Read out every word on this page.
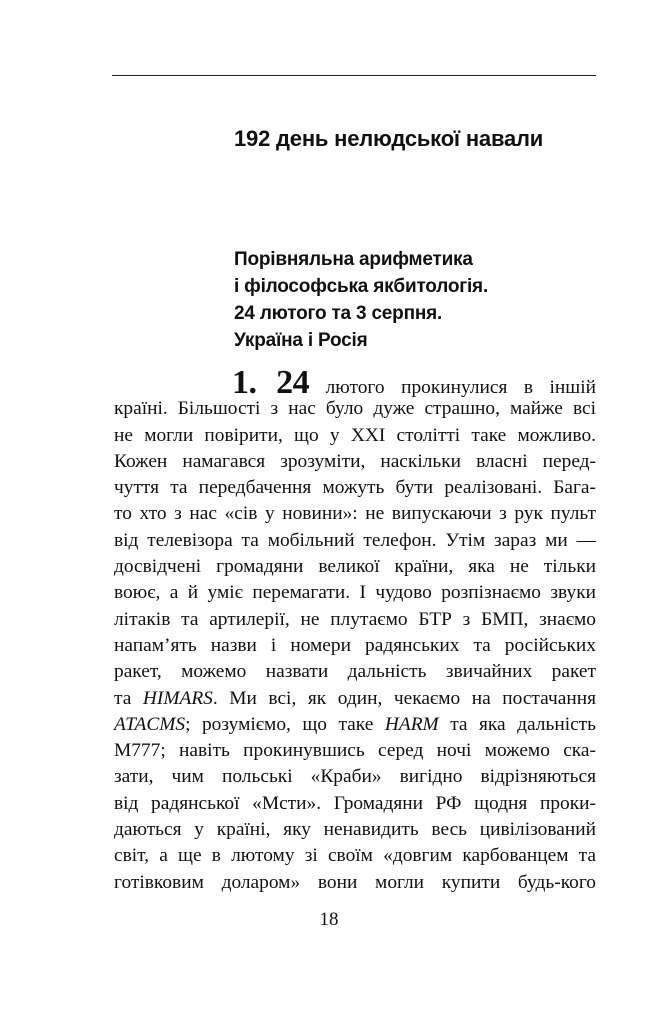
192 день нелюдської навали
Порівняльна арифметика
і філософська якбитологія.
24 лютого та 3 серпня.
Україна і Росія
1. 24 лютого прокинулися в іншій
країні. Більшості з нас було дуже страшно, майже всі
не могли повірити, що у XXI столітті таке можливо.
Кожен намагався зрозуміти, наскільки власні перед-
чуття та передбачення можуть бути реалізовані. Бага-
то хто з нас «сів у новини»: не випускаючи з рук пульт
від телевізора та мобільний телефон. Утім зараз ми —
досвідчені громадяни великої країни, яка не тільки
воює, а й уміє перемагати. І чудово розпізнаємо звуки
літаків та артилерії, не плутаємо БТР з БМП, знаємо
напам’ять назви і номери радянських та російських
ракет, можемо назвати дальність звичайних ракет
та HIMARS. Ми всі, як один, чекаємо на постачання
ATACMS; розуміємо, що таке HARM та яка дальність
М777; навіть прокинувшись серед ночі можемо ска-
зати, чим польські «Краби» вигідно відрізняються
від радянської «Мсти». Громадяни РФ щодня проки-
даються у країні, яку ненавидить весь цивілізований
світ, а ще в лютому зі своїм «довгим карбованцем та
готівковим доларом» вони могли купити будь-кого
18
